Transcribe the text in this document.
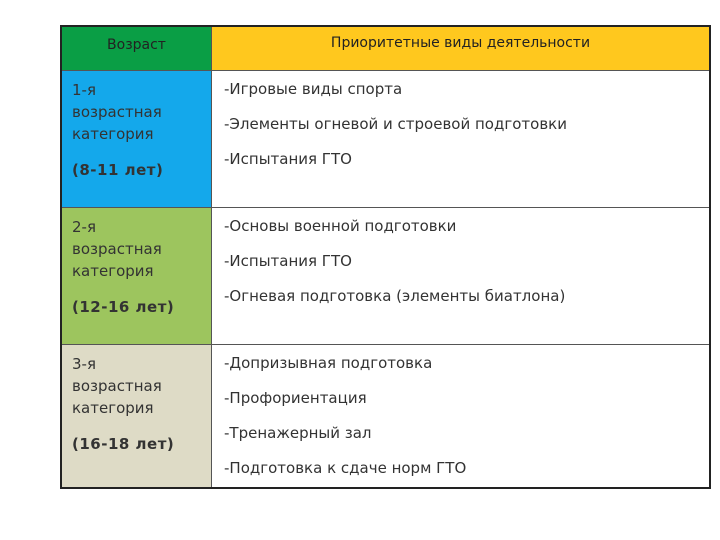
Возраст	Приоритетные виды деятельности
1-я
возрастная
категория
(8-11 лет)
-Игровые виды спорта
-Элементы огневой и строевой подготовки
-Испытания ГТО
2-я
возрастная
категория
(12-16 лет)
-Основы военной подготовки
-Испытания ГТО
-Огневая подготовка (элементы биатлона)
3-я
возрастная
категория
(16-18 лет)
-Допризывная подготовка
-Профориентация
-Тренажерный зал
-Подготовка к сдаче норм ГТО
